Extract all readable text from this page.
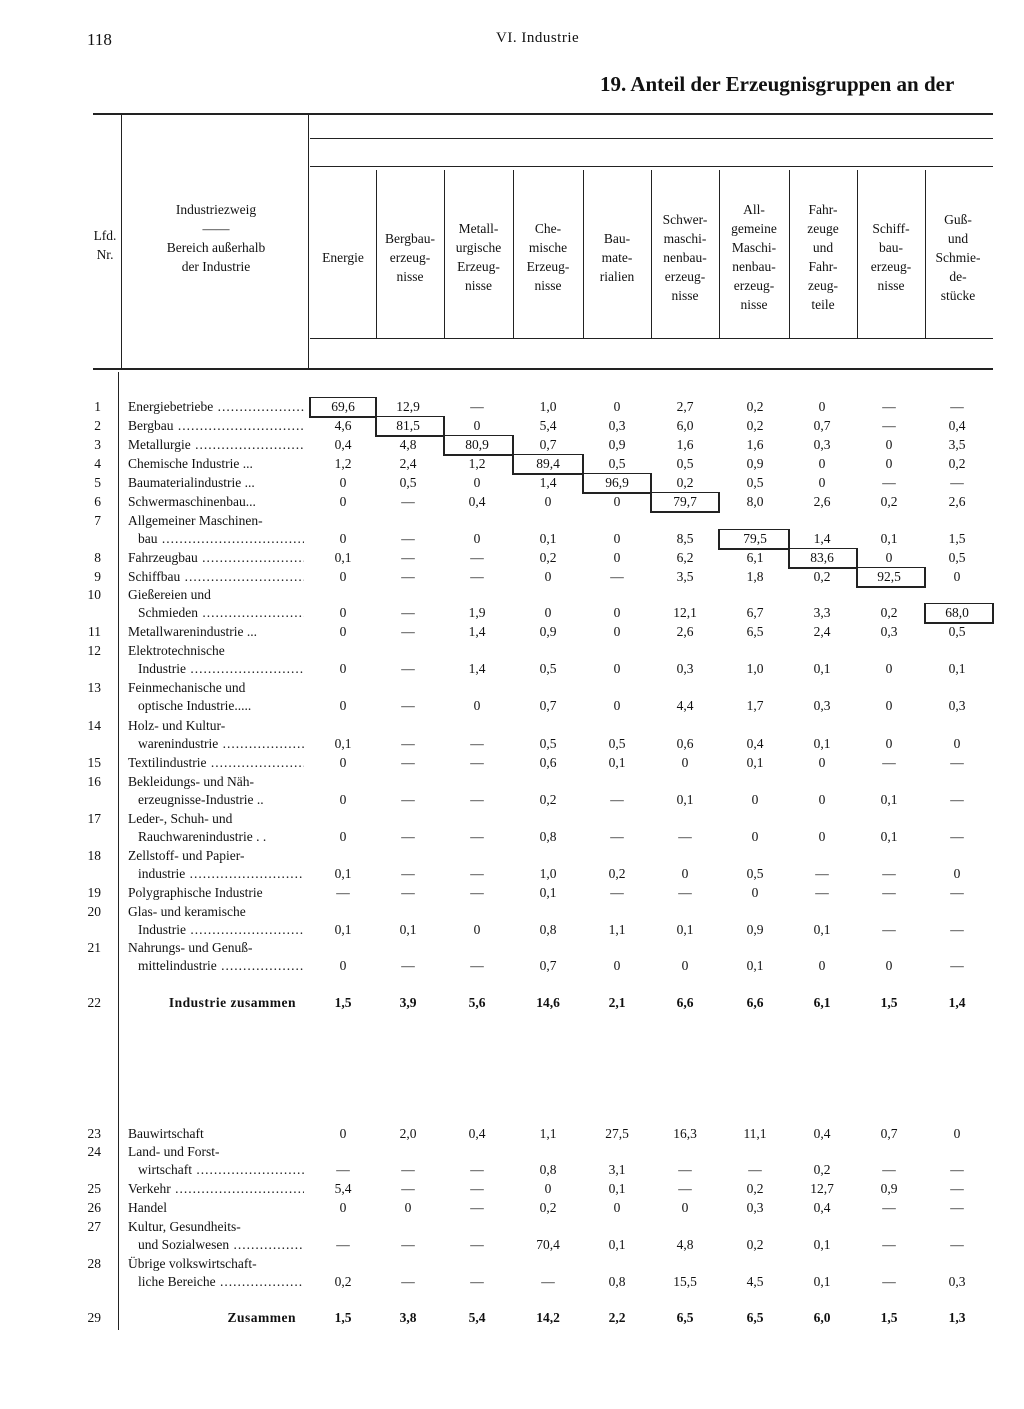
118	VI. Industrie
19. Anteil der Erzeugnisgruppen an der
Lfd.
Nr.
Industriezweig
——
Bereich außerhalb
der Industrie
Energie
Bergbau-
erzeug-
nisse
Metall-
urgische
Erzeug-
nisse
Che-
mische
Erzeug-
nisse
Bau-
mate-
rialien
Schwer-
maschi-
nenbau-
erzeug-
nisse
All-
gemeine
Maschi-
nenbau-
erzeug-
nisse
Fahr-
zeuge
und
Fahr-
zeug-
teile
Schiff-
bau-
erzeug-
nisse
Guß-
und
Schmie-
de-
stücke
1 Energiebetriebe .....	69,6	12,9	—	1,0	0	2,7	0,2	0	—	—
2 Bergbau .....	4,6	81,5	0	5,4	0,3	6,0	0,2	0,7	—	0,4
3 Metallurgie .....	0,4	4,8	80,9	0,7	0,9	1,6	1,6	0,3	0	3,5
4 Chemische Industrie ...	1,2	2,4	1,2	89,4	0,5	0,5	0,9	0	0	0,2
5 Baumaterialindustrie ...	0	0,5	0	1,4	96,9	0,2	0,5	0	—	—
6 Schwermaschinenbau...	0	—	0,4	0	0	79,7	8,0	2,6	0,2	2,6
7 Allgemeiner Maschinen-
bau .....	0	—	0	0,1	0	8,5	79,5	1,4	0,1	1,5
8 Fahrzeugbau .....	0,1	—	—	0,2	0	6,2	6,1	83,6	0	0,5
9 Schiffbau .....	0	—	—	0	—	3,5	1,8	0,2	92,5	0
10 Gießereien und
Schmieden .....	0	—	1,9	0	0	12,1	6,7	3,3	0,2	68,0
11 Metallwarenindustrie ...	0	—	1,4	0,9	0	2,6	6,5	2,4	0,3	0,5
12 Elektrotechnische
Industrie .....	0	—	1,4	0,5	0	0,3	1,0	0,1	0	0,1
13 Feinmechanische und
optische Industrie.....	0	—	0	0,7	0	4,4	1,7	0,3	0	0,3
14 Holz- und Kultur-
warenindustrie .....	0,1	—	—	0,5	0,5	0,6	0,4	0,1	0	0
15 Textilindustrie .....	0	—	—	0,6	0,1	0	0,1	0	—	—
16 Bekleidungs- und Näh-
erzeugnisse-Industrie ..	0	—	—	0,2	—	0,1	0	0	0,1	—
17 Leder-, Schuh- und
Rauchwarenindustrie . .	0	—	—	0,8	—	—	0	0	0,1	—
18 Zellstoff- und Papier-
industrie .....	0,1	—	—	1,0	0,2	0	0,5	—	—	0
19 Polygraphische Industrie	—	—	—	0,1	—	—	0	—	—	—
20 Glas- und keramische
Industrie .....	0,1	0,1	0	0,8	1,1	0,1	0,9	0,1	—	—
21 Nahrungs- und Genuß-
mittelindustrie .....	0	—	—	0,7	0	0	0,1	0	0	—
22	Industrie zusammen	1,5	3,9	5,6	14,6	2,1	6,6	6,6	6,1	1,5	1,4
23 Bauwirtschaft	0	2,0	0,4	1,1	27,5	16,3	11,1	0,4	0,7	0
24 Land- und Forst-
wirtschaft .....	—	—	—	0,8	3,1	—	—	0,2	—	—
25 Verkehr .....	5,4	—	—	0	0,1	—	0,2	12,7	0,9	—
26 Handel	0	0	—	0,2	0	0	0,3	0,4	—	—
27 Kultur, Gesundheits-
und Sozialwesen .....	—	—	—	70,4	0,1	4,8	0,2	0,1	—	—
28 Übrige volkswirtschaft-
liche Bereiche .....	0,2	—	—	—	0,8	15,5	4,5	0,1	—	0,3
29	Zusammen	1,5	3,8	5,4	14,2	2,2	6,5	6,5	6,0	1,5	1,3
